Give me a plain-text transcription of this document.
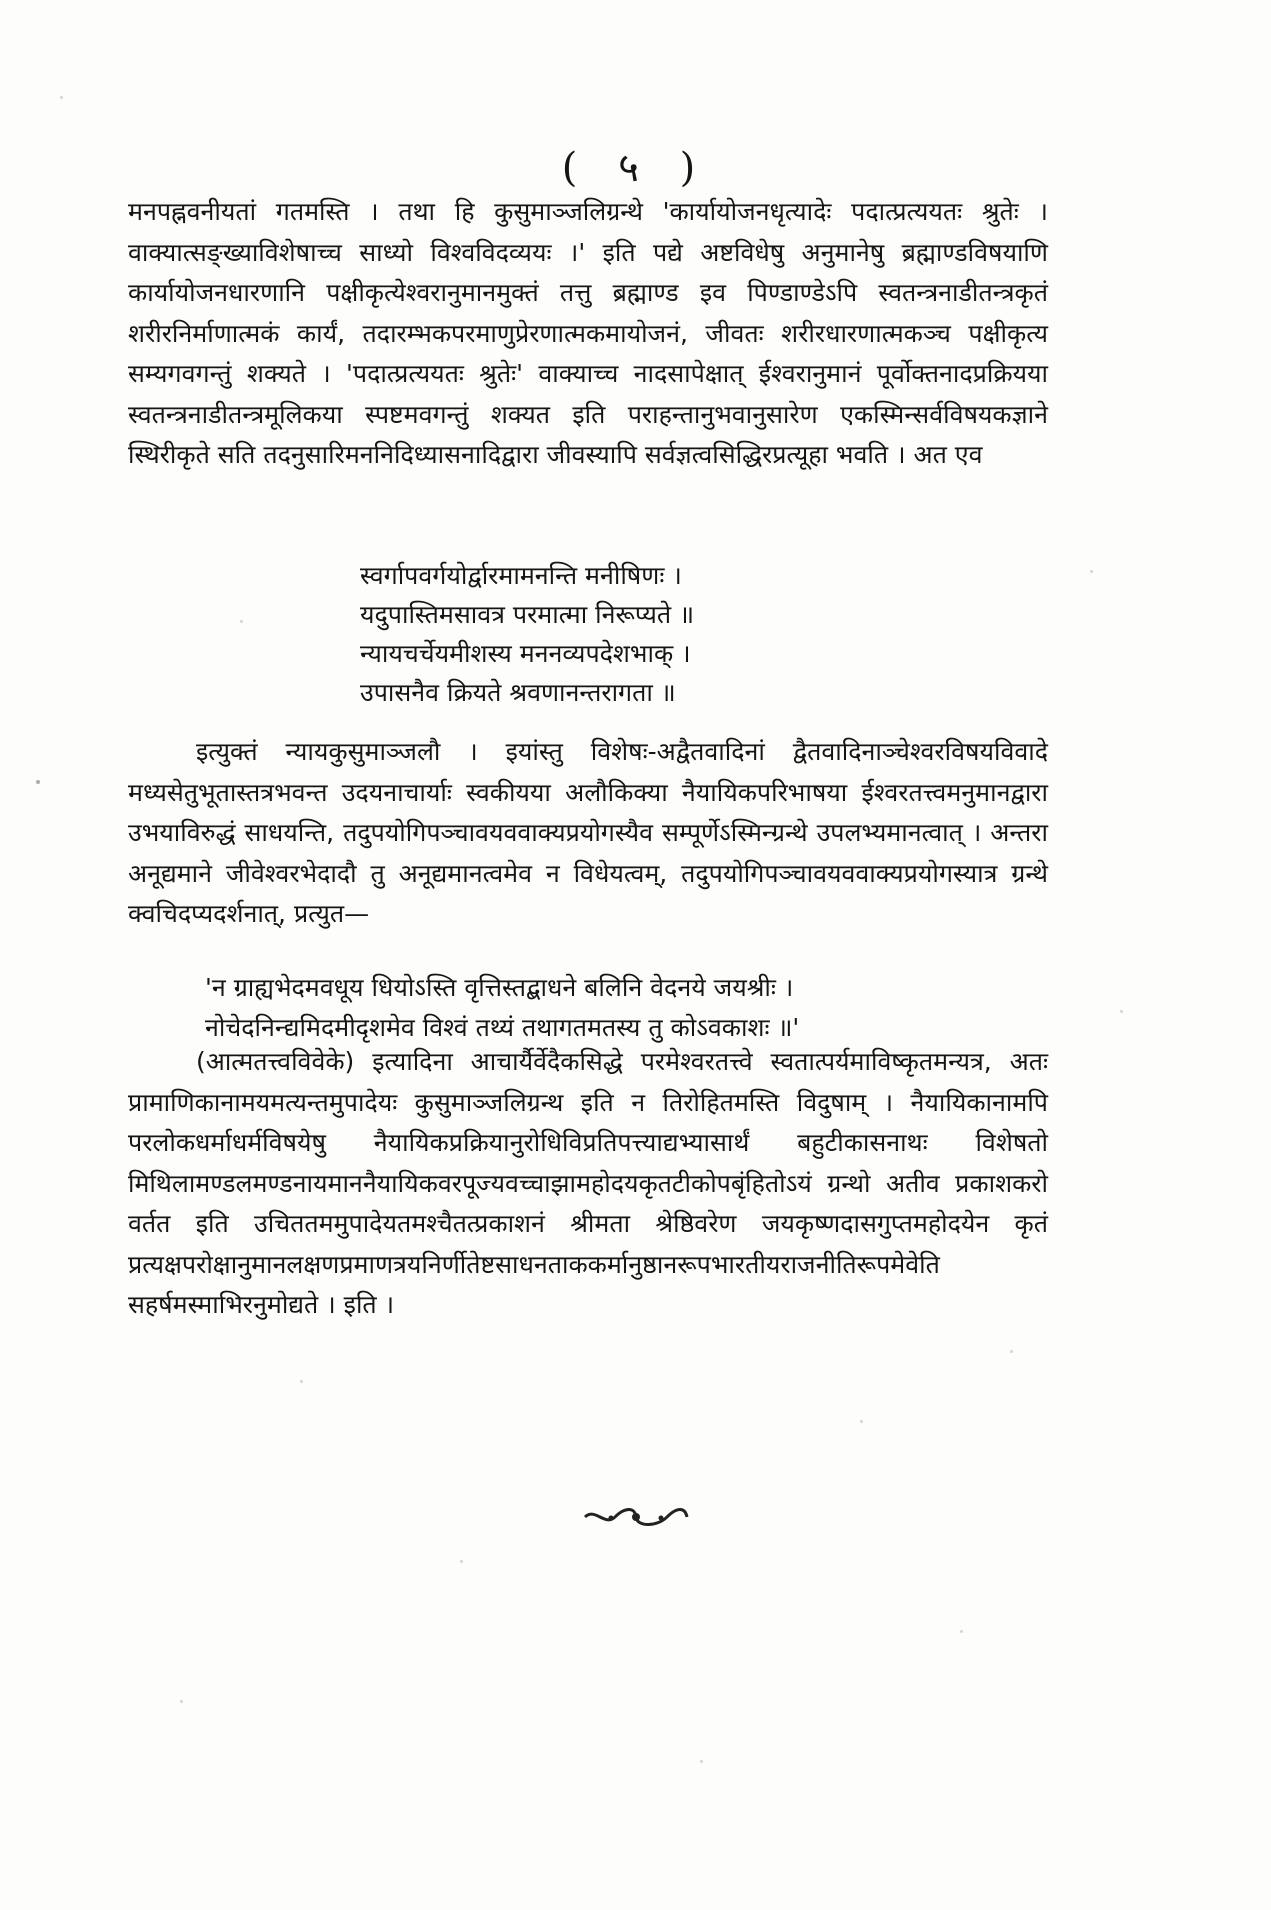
( ५ )

मनपह्नवनीयतां गतमस्ति । तथा हि कुसुमाञ्जलिग्रन्थे 'कार्यायोजनधृत्यादेः पदात्प्रत्ययतः श्रुतेः । वाक्यात्सङ्ख्याविशेषाच्च साध्यो विश्वविदव्ययः ।' इति पद्ये अष्टविधेषु अनुमानेषु ब्रह्माण्डविषयाणि कार्यायोजनधारणानि पक्षीकृत्येश्वरानुमानमुक्तं तत्तु ब्रह्माण्ड इव पिण्डाण्डेऽपि स्वतन्त्रनाडीतन्त्रकृतं शरीरनिर्माणात्मकं कार्यं, तदारम्भकपरमाणुप्रेरणात्मकमायोजनं, जीवतः शरीरधारणात्मकञ्च पक्षीकृत्य सम्यगवगन्तुं शक्यते । 'पदात्प्रत्ययतः श्रुतेः' वाक्याच्च नादसापेक्षात् ईश्वरानुमानं पूर्वोक्तनादप्रक्रियया स्वतन्त्रनाडीतन्त्रमूलिकया स्पष्टमवगन्तुं शक्यत इति पराहन्तानुभवानुसारेण एकस्मिन्सर्वविषयकज्ञाने स्थिरीकृते सति तदनुसारिमननिदिध्यासनादिद्वारा जीवस्यापि सर्वज्ञत्वसिद्धिरप्रत्यूहा भवति । अत एव

स्वर्गापवर्गयोर्द्वारमामनन्ति मनीषिणः ।
यदुपास्तिमसावत्र परमात्मा निरूप्यते ॥
न्यायचर्चेयमीशस्य मननव्यपदेशभाक् ।
उपासनैव क्रियते श्रवणानन्तरागता ॥

इत्युक्तं न्यायकुसुमाञ्जलौ । इयांस्तु विशेषः-अद्वैतवादिनां द्वैतवादिनाञ्चेश्वरविषयविवादे मध्यसेतुभूतास्तत्रभवन्त उदयनाचार्याः स्वकीयया अलौकिक्या नैयायिकपरिभाषया ईश्वरतत्त्वमनुमानद्वारा उभयाविरुद्धं साधयन्ति, तदुपयोगिपञ्चावयववाक्यप्रयोगस्यैव सम्पूर्णेऽस्मिन्ग्रन्थे उपलभ्यमानत्वात् । अन्तरा अनूद्यमाने जीवेश्वरभेदादौ तु अनूद्यमानत्वमेव न विधेयत्वम्, तदुपयोगिपञ्चावयववाक्यप्रयोगस्यात्र ग्रन्थे क्वचिदप्यदर्शनात्, प्रत्युत—

'न ग्राह्यभेदमवधूय धियोऽस्ति वृत्तिस्तद्बाधने बलिनि वेदनये जयश्रीः ।
नोचेदनिन्द्यमिदमीदृशमेव विश्वं तथ्यं तथागतमतस्य तु कोऽवकाशः ॥'

(आत्मतत्त्वविवेके) इत्यादिना आचार्यैर्वेदैकसिद्धे परमेश्वरतत्त्वे स्वतात्पर्यमाविष्कृतमन्यत्र, अतः प्रामाणिकानामयमत्यन्तमुपादेयः कुसुमाञ्जलिग्रन्थ इति न तिरोहितमस्ति विदुषाम् । नैयायिकानामपि परलोकधर्माधर्मविषयेषु नैयायिकप्रक्रियानुरोधिविप्रतिपत्त्याद्यभ्यासार्थं बहुटीकासनाथः विशेषतो मिथिलामण्डलमण्डनायमाननैयायिकवरपूज्यवच्चाझामहोदयकृतटीकोपबृंहितोऽयं ग्रन्थो अतीव प्रकाशकरो वर्तत इति उचिततममुपादेयतमश्चैतत्प्रकाशनं श्रीमता श्रेष्ठिवरेण जयकृष्णदासगुप्तमहोदयेन कृतं प्रत्यक्षपरोक्षानुमानलक्षणप्रमाणत्रयनिर्णीतेष्टसाधनताककर्मानुष्ठानरूपभारतीयराजनीतिरूपमेवेति सहर्षमस्माभिरनुमोद्यते । इति ।
